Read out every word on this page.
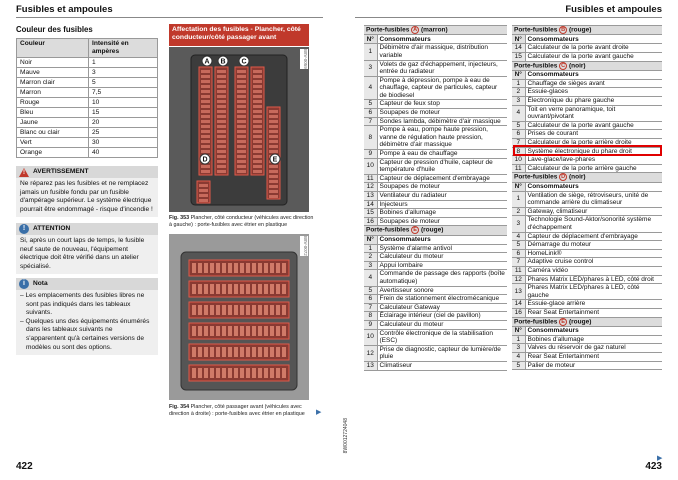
Fusibles et ampoules
Couleur des fusibles
Couleur	Intensité en ampères
Noir	1
Mauve	3
Marron clair	5
Marron	7,5
Rouge	10
Bleu	15
Jaune	20
Blanc ou clair	25
Vert	30
Orange	40
! AVERTISSEMENT
Ne réparez pas les fusibles et ne remplacez jamais un fusible fondu par un fusible d'ampérage supérieur. Le système électrique pourrait être endommagé - risque d'incendie !
!	ATTENTION
Si, après un court laps de temps, le fusible neuf saute de nouveau, l'équipement électrique doit être vérifié dans un atelier spécialisé.
i	Nota
– Les emplacements des fusibles libres ne sont pas indiqués dans les tableaux suivants.
– Quelques uns des équipements énumérés dans les tableaux suivants ne s'apparentent qu'à certaines versions de modèles ou sont des options.
Affectation des fusibles - Plancher, côté conducteur/côté passager avant
A B C
D	E
B8V-0059
Fig. 353 Plancher, côté conducteur (véhicules avec direction à gauche) : porte-fusibles avec étrier en plastique
B8V-0072
Fig. 354 Plancher, côté passager avant (véhicules avec direction à droite) : porte-fusibles avec étrier en plastique	▶
422
Fusibles et ampoules
Porte-fusibles A (marron)	
N°	Consommateurs
1	Débimètre d'air massique, distribution variable
3	Volets de gaz d'échappement, injecteurs, entrée du radiateur
4	Pompe à dépression, pompe à eau de chauffage, capteur de particules, capteur de biodiesel
5	Capteur de feux stop
6	Soupapes de moteur
7	Sondes lambda, débimètre d'air massique
8	Pompe à eau, pompe haute pression, vanne de régulation haute pression, débimètre d'air massique
9	Pompe à eau de chauffage
10	Capteur de pression d'huile, capteur de température d'huile
11	Capteur de déplacement d'embrayage
12	Soupapes de moteur
13	Ventilateur du radiateur
14	Injecteurs
15	Bobines d'allumage
16	Soupapes de moteur
Porte-fusibles E (rouge)	
N°	Consommateurs
1	Système d'alarme antivol
2	Calculateur du moteur
3	Appui lombaire
4	Commande de passage des rapports (boîte automatique)
5	Avertisseur sonore
6	Frein de stationnement électromécanique
7	Calculateur Gateway
8	Éclairage intérieur (ciel de pavillon)
9	Calculateur du moteur
10	Contrôle électronique de la stabilisation (ESC)
12	Prise de diagnostic, capteur de lumière/de pluie
13	Climatiseur
Porte-fusibles B (rouge)	
N°	Consommateurs
14	Calculateur de la porte avant droite
15	Calculateur de la porte avant gauche
Porte-fusibles C (noir)	
N°	Consommateurs
1	Chauffage de sièges avant
2	Essuie-glaces
3	Électronique du phare gauche
4	Toit en verre panoramique, toit ouvrant/pivotant
5	Calculateur de la porte avant gauche
6	Prises de courant
7	Calculateur de la porte arrière droite
8	Système électronique du phare droit
10	Lave-glace/lave-phares
11	Calculateur de la porte arrière gauche
Porte-fusibles D (noir)	
N°	Consommateurs
1	Ventilation de siège, rétroviseurs, unité de commande arrière du climatiseur
2	Gateway, climatiseur
3	Technologie Sound-Aktor/sonorité système d'échappement
4	Capteur de déplacement d'embrayage
5	Démarrage du moteur
6	HomeLink®
7	Adaptive cruise control
11	Caméra vidéo
12	Phares Matrix LED/phares à LED, côté droit
13	Phares Matrix LED/phares à LED, côté gauche
14	Essuie-glace arrière
16	Rear Seat Entertainment
Porte-fusibles E (rouge)	
N°	Consommateurs
1	Bobines d'allumage
3	Valves du réservoir de gaz naturel
4	Rear Seat Entertainment
5	Palier de moteur
▶
8W0012724048
423
